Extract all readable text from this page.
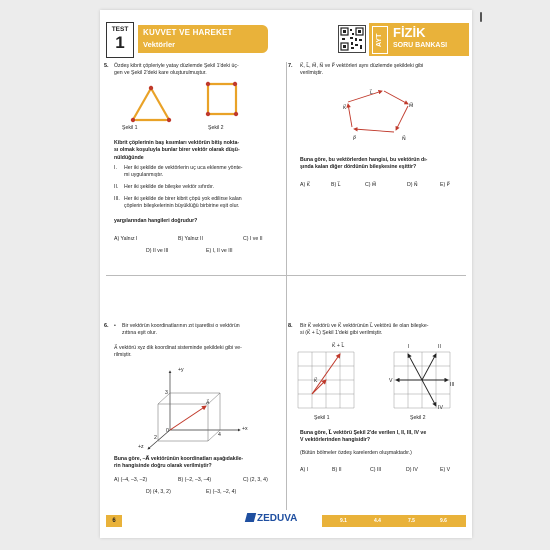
TEST
1
KUVVET VE HAREKET
Vektörler	AYT
FİZİK
SORU BANKASI
5. Özdeş kibrit çöpleriyle yatay düzlemde Şekil 1'deki üç-
gen ve Şekil 2'deki kare oluşturulmuştur.
Şekil 1	Şekil 2
Kibrit çöplerinin baş kısımları vektörün bitiş nokta-
sı olmak koşuluyla bunlar birer vektör olarak düşü-
nüldüğünde
I.	Her iki şekilde de vektörlerin uç uca eklenme yönte-
mi uygulanmıştır.
II. Her iki şekilde de bileşke vektör sıfırdır.
III. Her iki şekilde de birer kibrit çöpü yok edilirse kalan
çöplerin bileşkelerinin büyüklüğü birbirine eşit olur.
yargılarından hangileri doğrudur?
A) Yalnız I	B) Yalnız II	C) I ve II
D) II ve III	E) I, II ve III
7. K⃗, L⃗, M⃗, N⃗ ve P⃗ vektörleri aynı düzlemde şekildeki gibi
verilmiştir.
K⃗
L⃗
M⃗
N⃗
P⃗
Buna göre, bu vektörlerden hangisi, bu vektörün dı-
şında kalan diğer dördünün bileşkesine eşittir?
A) K⃗	B) L⃗	C) M⃗	D) N⃗	E) P⃗
6. • Bir vektörün koordinatlarının zıt işaretlisi o vektörün
zıttına eşit olur.
A⃗ vektörü xyz dik koordinat sisteminde şekildeki gibi ve-
rilmiştir.
+y
+x
+z
3
4
2
0
A⃗
Buna göre, –A⃗ vektörünün koordinatları aşağıdakile-
rin hangisinde doğru olarak verilmiştir?
A) (–4, –3, –2)	B) (–2, –3, –4)	C) (2, 3, 4)
D) (4, 3, 2)	E) (–3, –2, 4)
8. Bir K⃗ vektörü ve K⃗ vektörünün L⃗ vektörü ile olan bileşke-
si (K⃗ + L⃗) Şekil 1'deki gibi verilmiştir.
K⃗ + L⃗
K⃗
I	II
III
IV
V
Şekil 1	Şekil 2
Buna göre, L⃗ vektörü Şekil 2'de verilen I, II, III, IV ve
V vektörlerinden hangisidir?
(Bütün bölmeler özdeş karelerden oluşmaktadır.)
A) I	B) II	C) III	D) IV	E) V
6	ZEDUVA	9.1	4.4	7.5	9.6
